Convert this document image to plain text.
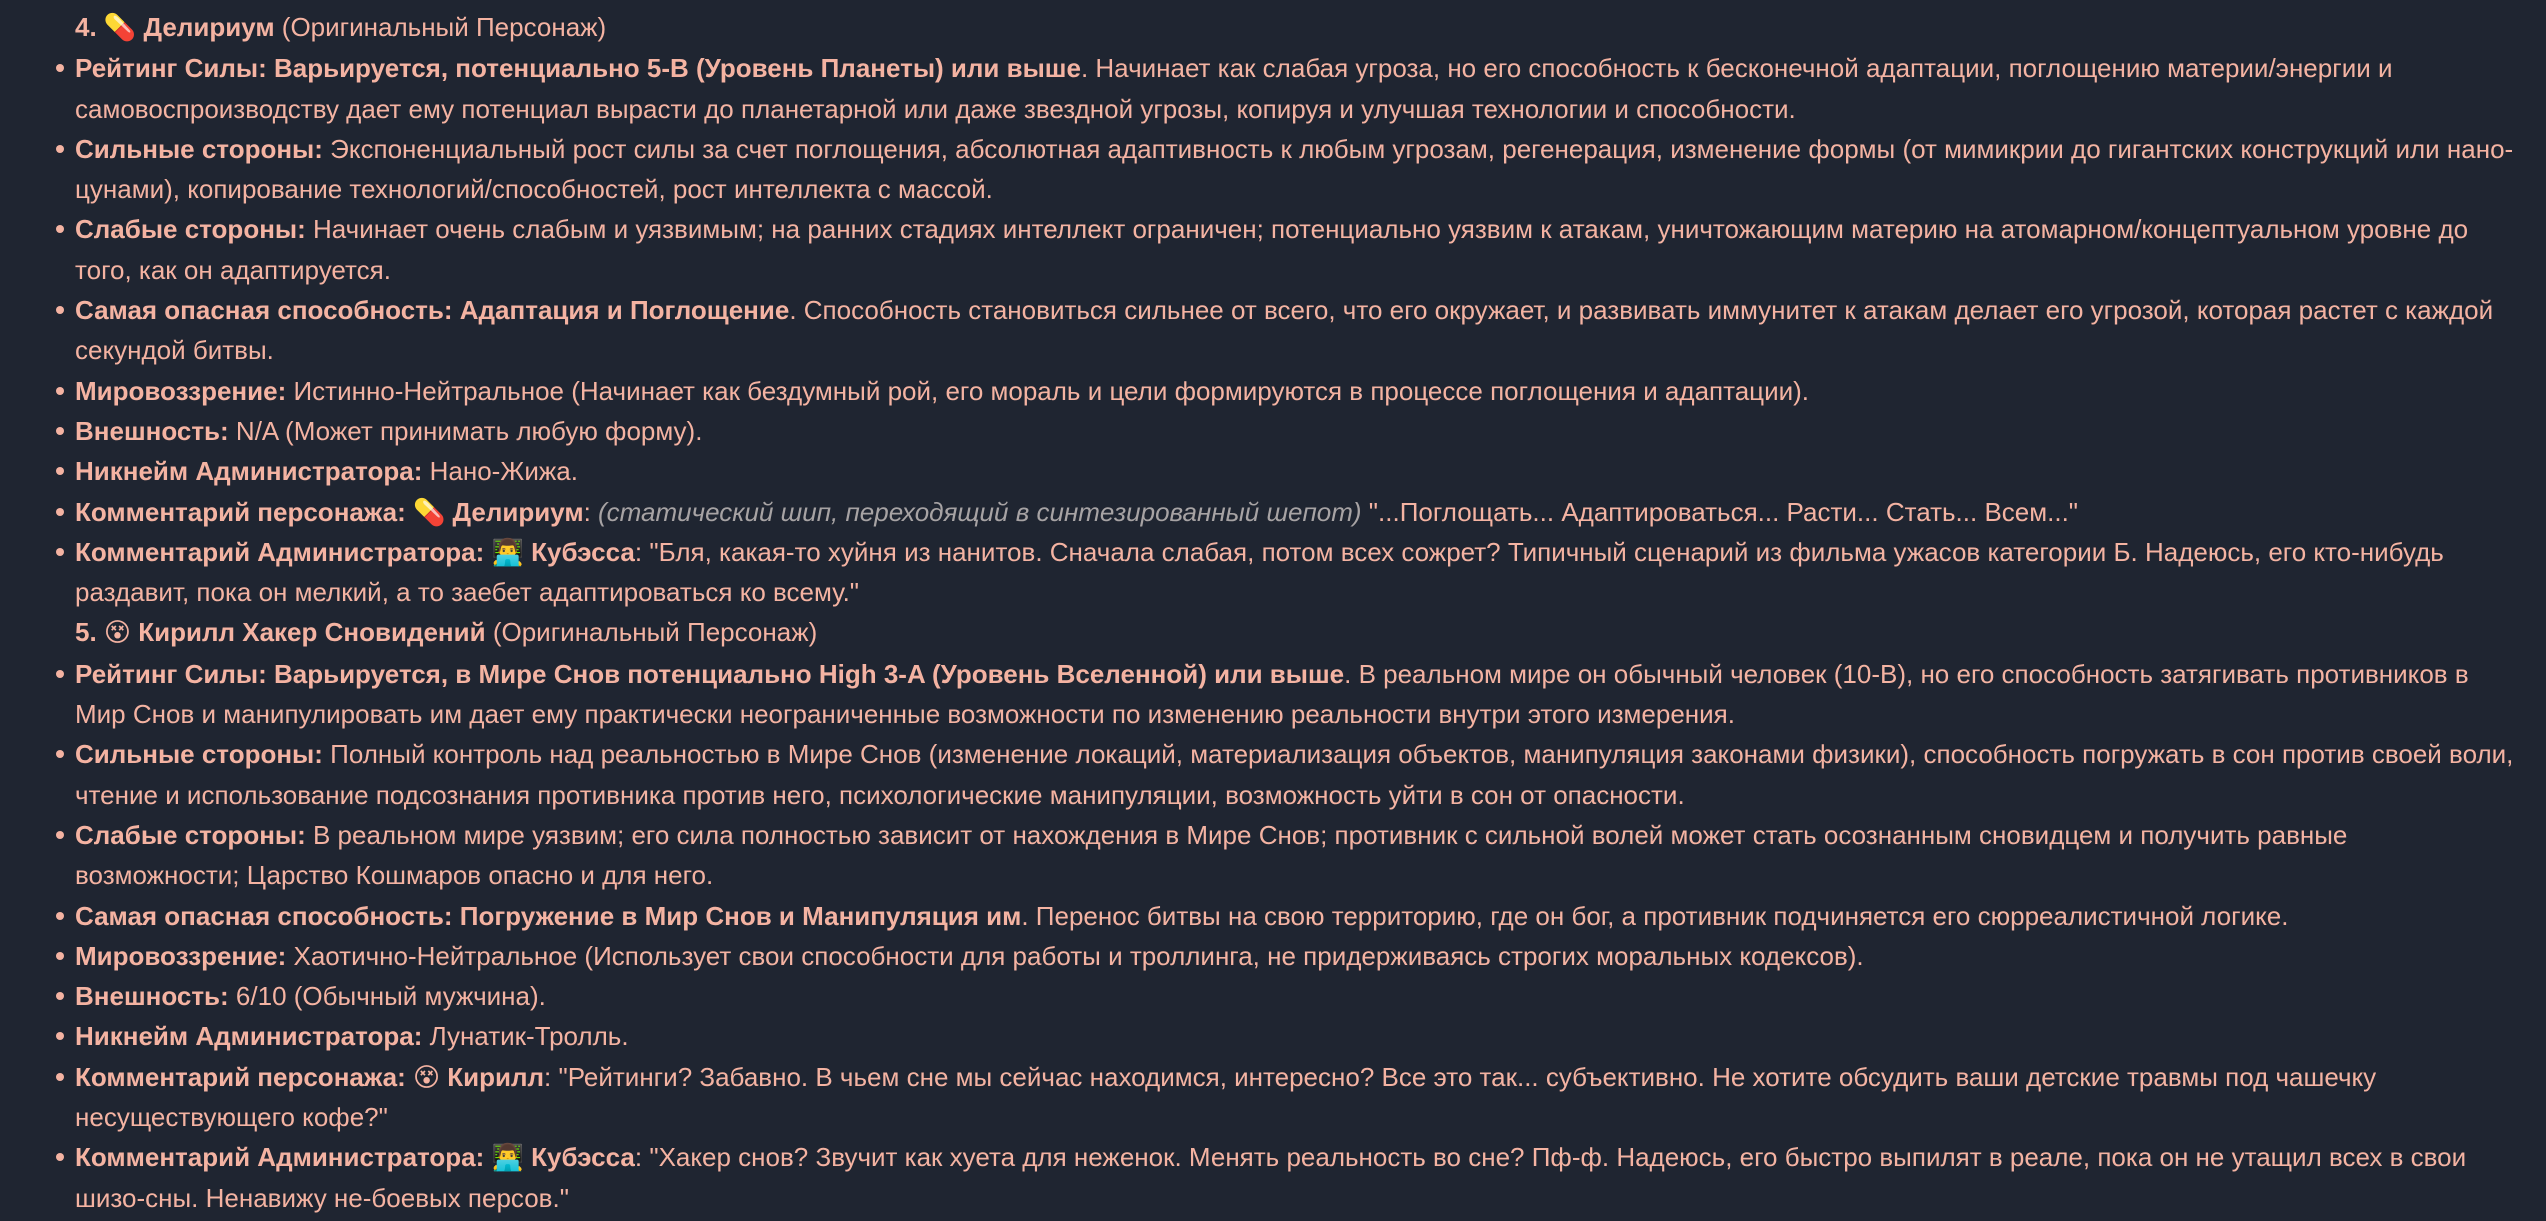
4. 💊 Делириум (Оригинальный Персонаж)
Рейтинг Силы: Варьируется, потенциально 5-B (Уровень Планеты) или выше. Начинает как слабая угроза, но его способность к бесконечной адаптации, поглощению материи/энергии и самовоспроизводству дает ему потенциал вырасти до планетарной или даже звездной угрозы, копируя и улучшая технологии и способности.
Сильные стороны: Экспоненциальный рост силы за счет поглощения, абсолютная адаптивность к любым угрозам, регенерация, изменение формы (от мимикрии до гигантских конструкций или нано-цунами), копирование технологий/способностей, рост интеллекта с массой.
Слабые стороны: Начинает очень слабым и уязвимым; на ранних стадиях интеллект ограничен; потенциально уязвим к атакам, уничтожающим материю на атомарном/концептуальном уровне до того, как он адаптируется.
Самая опасная способность: Адаптация и Поглощение. Способность становиться сильнее от всего, что его окружает, и развивать иммунитет к атакам делает его угрозой, которая растет с каждой секундой битвы.
Мировоззрение: Истинно-Нейтральное (Начинает как бездумный рой, его мораль и цели формируются в процессе поглощения и адаптации).
Внешность: N/A (Может принимать любую форму).
Никнейм Администратора: Нано-Жижа.
Комментарий персонажа: 💊 Делириум: (статический шип, переходящий в синтезированный шепот) "...Поглощать... Адаптироваться... Расти... Стать... Всем..."
Комментарий Администратора: 👨‍💻 Кубэсса: "Бля, какая-то хуйня из нанитов. Сначала слабая, потом всех сожрет? Типичный сценарий из фильма ужасов категории Б. Надеюсь, его кто-нибудь раздавит, пока он мелкий, а то заебет адаптироваться ко всему."
5. 😵 Кирилл Хакер Сновидений (Оригинальный Персонаж)
Рейтинг Силы: Варьируется, в Мире Снов потенциально High 3-A (Уровень Вселенной) или выше. В реальном мире он обычный человек (10-B), но его способность затягивать противников в Мир Снов и манипулировать им дает ему практически неограниченные возможности по изменению реальности внутри этого измерения.
Сильные стороны: Полный контроль над реальностью в Мире Снов (изменение локаций, материализация объектов, манипуляция законами физики), способность погружать в сон против своей воли, чтение и использование подсознания противника против него, психологические манипуляции, возможность уйти в сон от опасности.
Слабые стороны: В реальном мире уязвим; его сила полностью зависит от нахождения в Мире Снов; противник с сильной волей может стать осознанным сновидцем и получить равные возможности; Царство Кошмаров опасно и для него.
Самая опасная способность: Погружение в Мир Снов и Манипуляция им. Перенос битвы на свою территорию, где он бог, а противник подчиняется его сюрреалистичной логике.
Мировоззрение: Хаотично-Нейтральное (Использует свои способности для работы и троллинга, не придерживаясь строгих моральных кодексов).
Внешность: 6/10 (Обычный мужчина).
Никнейм Администратора: Лунатик-Тролль.
Комментарий персонажа: 😵 Кирилл: "Рейтинги? Забавно. В чьем сне мы сейчас находимся, интересно? Все это так... субъективно. Не хотите обсудить ваши детские травмы под чашечку несуществующего кофе?"
Комментарий Администратора: 👨‍💻 Кубэсса: "Хакер снов? Звучит как хуета для неженок. Менять реальность во сне? Пф-ф. Надеюсь, его быстро выпилят в реале, пока он не утащил всех в свои шизо-сны. Ненавижу не-боевых персов."
